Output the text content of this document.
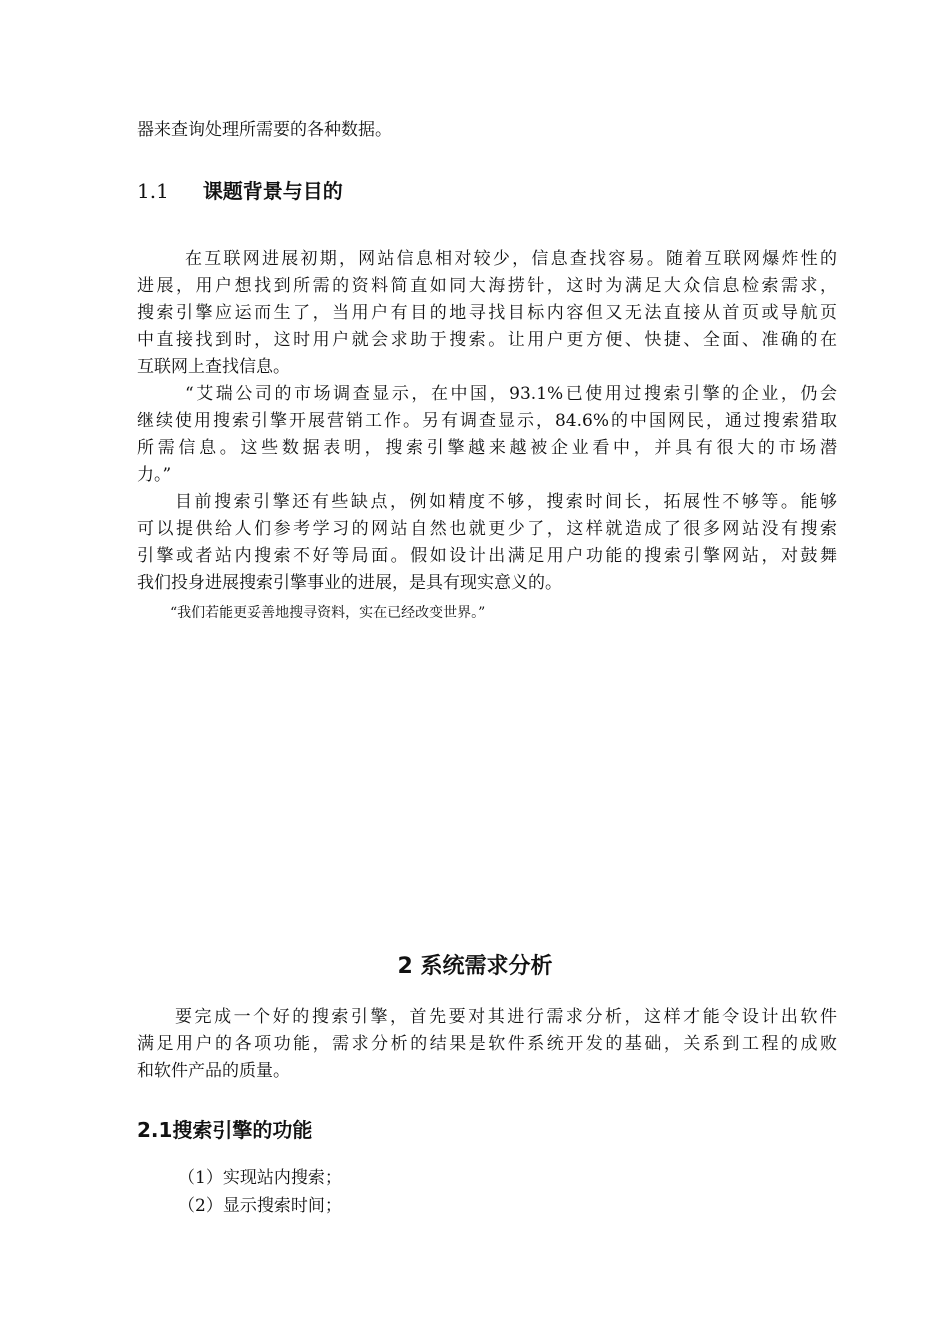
器来查询处理所需要的各种数据。

1.1 课题背景与目的

在互联网进展初期，网站信息相对较少，信息查找容易。随着互联网爆炸性的

进展，用户想找到所需的资料简直如同大海捞针，这时为满足大众信息检索需求，

搜索引擎应运而生了，当用户有目的地寻找目标内容但又无法直接从首页或导航页

中直接找到时，这时用户就会求助于搜索。让用户更方便、快捷、全面、准确的在

互联网上查找信息。

“艾瑞公司的市场调查显示，在中国，93.1%已使用过搜索引擎的企业，仍会

继续使用搜索引擎开展营销工作。另有调查显示，84.6%的中国网民，通过搜索猎取

所需信息。这些数据表明，搜索引擎越来越被企业看中，并具有很大的市场潜

力。”

目前搜索引擎还有些缺点，例如精度不够，搜索时间长，拓展性不够等。能够

可以提供给人们参考学习的网站自然也就更少了，这样就造成了很多网站没有搜索

引擎或者站内搜索不好等局面。假如设计出满足用户功能的搜索引擎网站，对鼓舞

我们投身进展搜索引擎事业的进展，是具有现实意义的。

“我们若能更妥善地搜寻资料，实在已经改变世界。”
2 系统需求分析

要完成一个好的搜索引擎，首先要对其进行需求分析，这样才能令设计出软件

满足用户的各项功能，需求分析的结果是软件系统开发的基础，关系到工程的成败

和软件产品的质量。

2.1搜索引擎的功能
（1）实现站内搜索；
（2）显示搜索时间；
